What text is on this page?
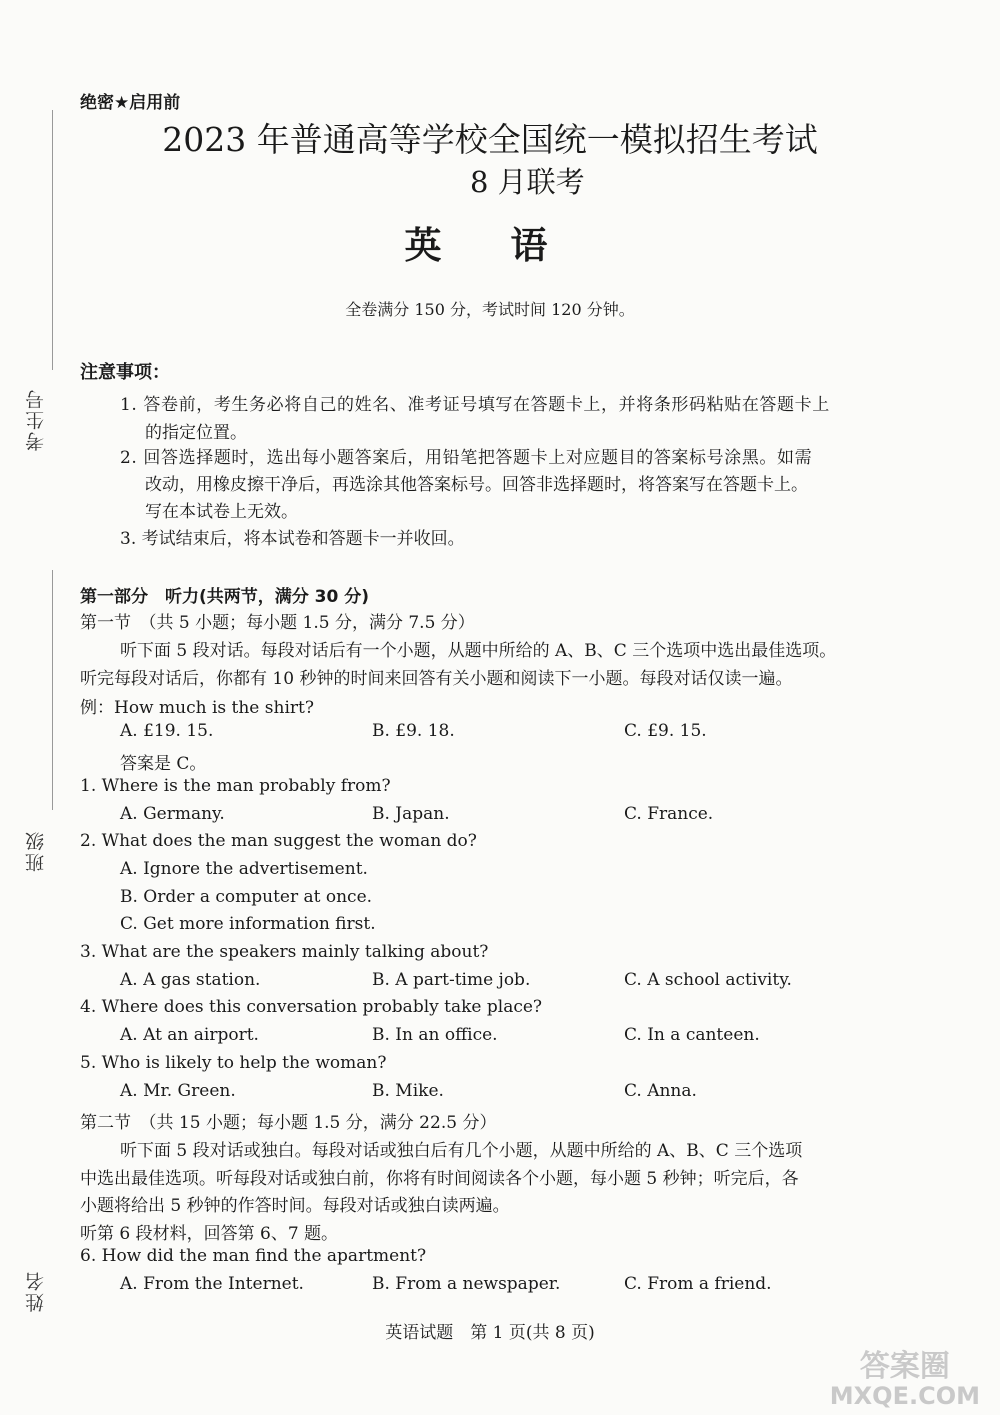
考生号
班级
姓名
绝密★启用前
2023 年普通高等学校全国统一模拟招生考试
8 月联考
英 语
全卷满分 150 分，考试时间 120 分钟。
注意事项：
1. 答卷前，考生务必将自己的姓名、准考证号填写在答题卡上，并将条形码粘贴在答题卡上
的指定位置。
2. 回答选择题时，选出每小题答案后，用铅笔把答题卡上对应题目的答案标号涂黑。如需
改动，用橡皮擦干净后，再选涂其他答案标号。回答非选择题时，将答案写在答题卡上。
写在本试卷上无效。
3. 考试结束后，将本试卷和答题卡一并收回。
第一部分　听力(共两节，满分 30 分)
第一节　（共 5 小题；每小题 1.5 分，满分 7.5 分）
听下面 5 段对话。每段对话后有一个小题，从题中所给的 A、B、C 三个选项中选出最佳选项。
听完每段对话后，你都有 10 秒钟的时间来回答有关小题和阅读下一小题。每段对话仅读一遍。
例：How much is the shirt?
A. £19. 15.	B. £9. 18.	C. £9. 15.
答案是 C。
1. Where is the man probably from?
A. Germany.	B. Japan.	C. France.
2. What does the man suggest the woman do?
A. Ignore the advertisement.
B. Order a computer at once.
C. Get more information first.
3. What are the speakers mainly talking about?
A. A gas station.	B. A part-time job.	C. A school activity.
4. Where does this conversation probably take place?
A. At an airport.	B. In an office.	C. In a canteen.
5. Who is likely to help the woman?
A. Mr. Green.	B. Mike.	C. Anna.
第二节　（共 15 小题；每小题 1.5 分，满分 22.5 分）
听下面 5 段对话或独白。每段对话或独白后有几个小题，从题中所给的 A、B、C 三个选项
中选出最佳选项。听每段对话或独白前，你将有时间阅读各个小题，每小题 5 秒钟；听完后，各
小题将给出 5 秒钟的作答时间。每段对话或独白读两遍。
听第 6 段材料，回答第 6、7 题。
6. How did the man find the apartment?
A. From the Internet.	B. From a newspaper.	C. From a friend.
英语试题　第 1 页(共 8 页)
答案圈
MXQE.COM
